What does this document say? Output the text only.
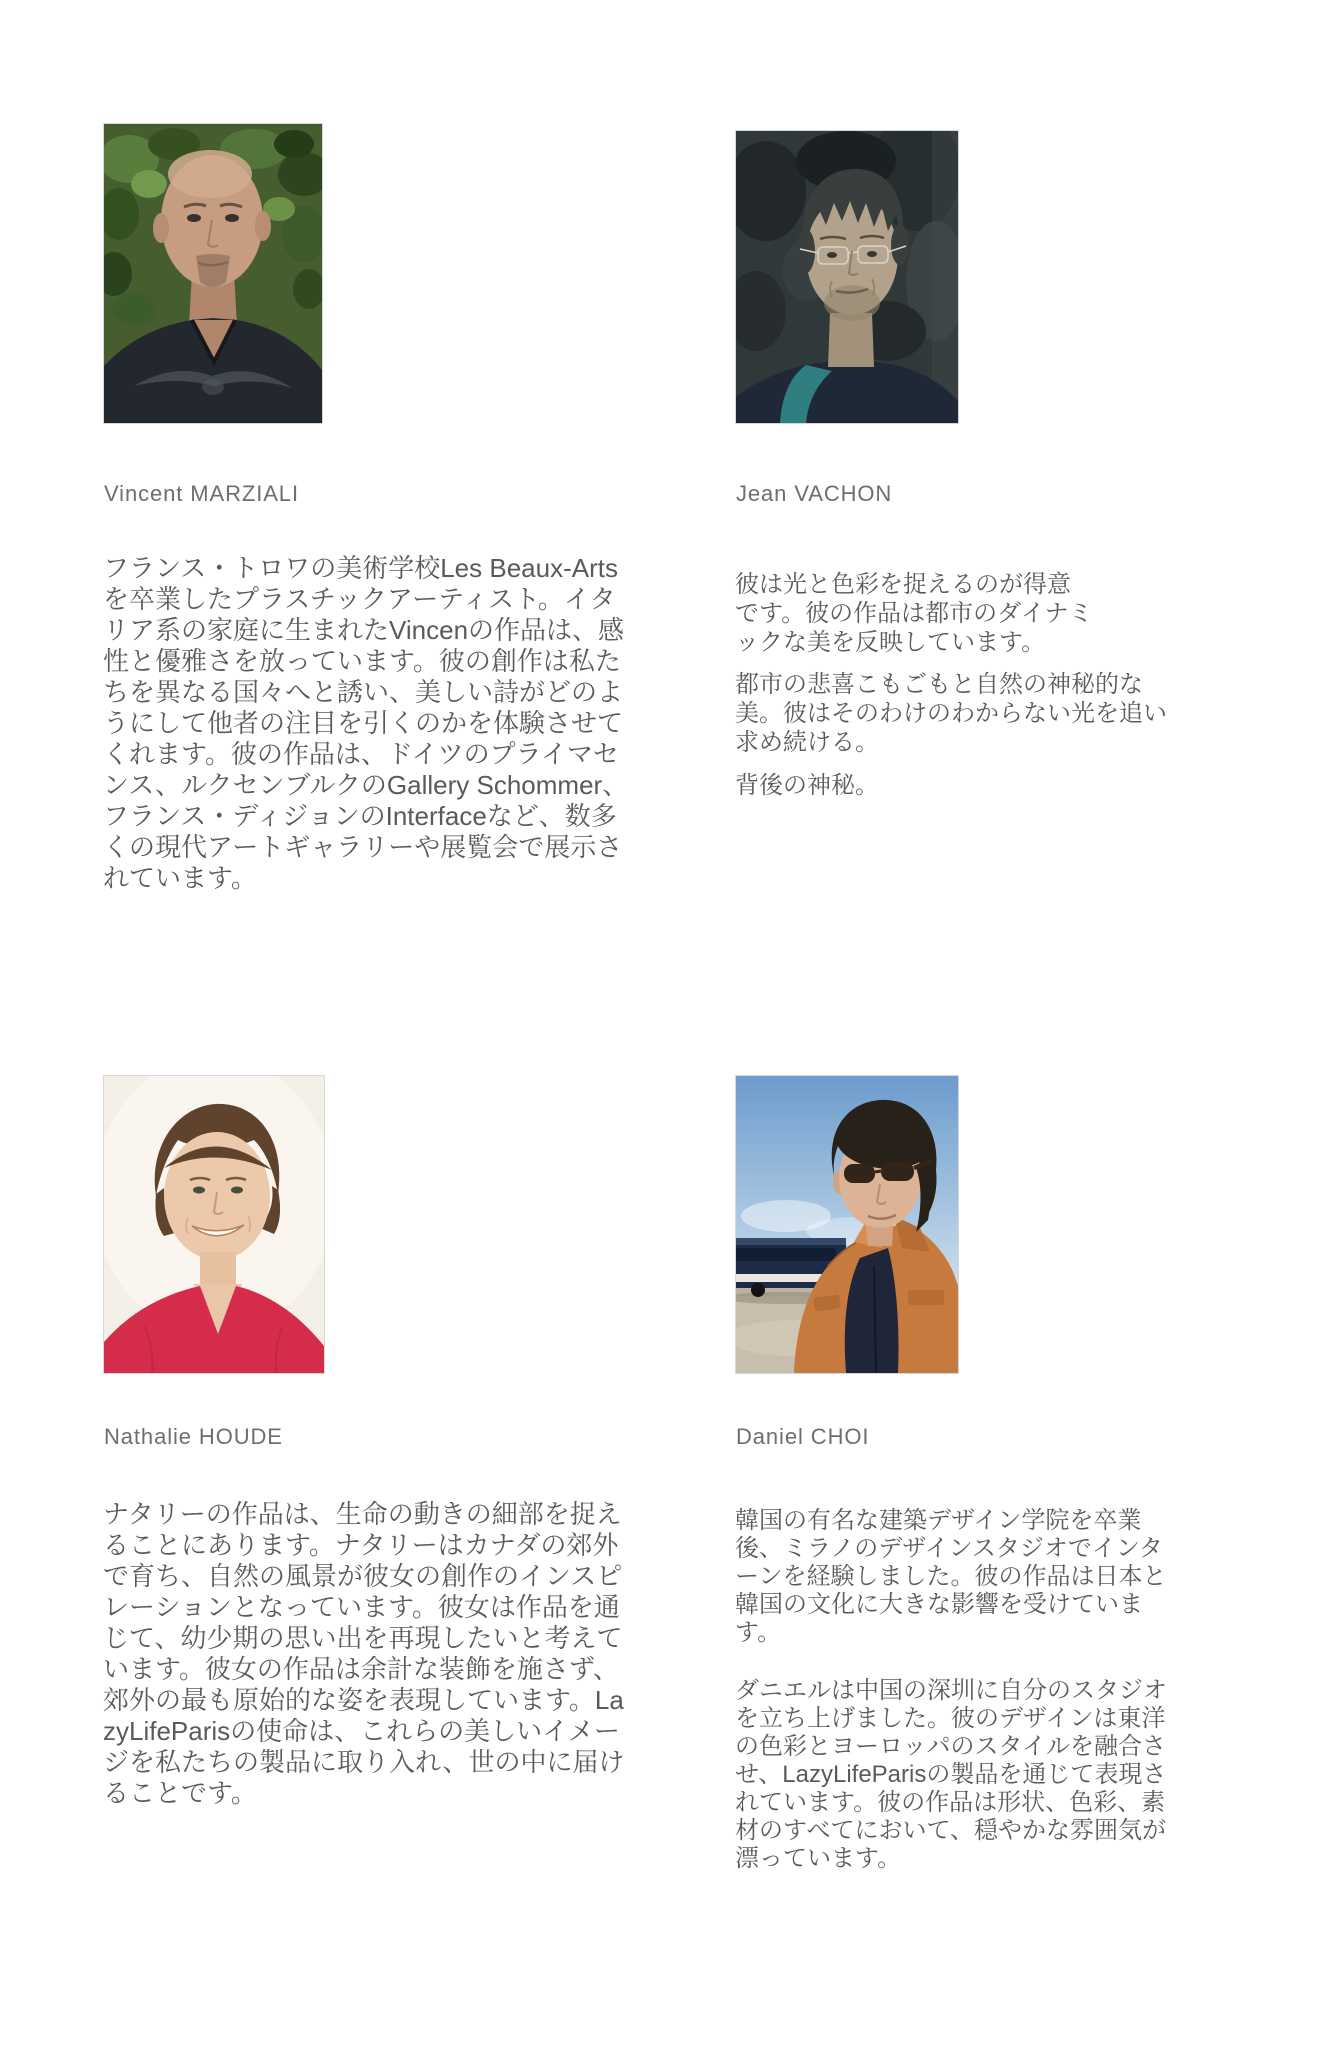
Vincent MARZIALI

フランス・トロワの美術学校Les Beaux-Artsを卒業したプラスチックアーティスト。イタリア系の家庭に生まれたVincenの作品は、感性と優雅さを放っています。彼の創作は私たちを異なる国々へと誘い、美しい詩がどのようにして他者の注目を引くのかを体験させてくれます。彼の作品は、ドイツのプライマセンス、ルクセンブルクのGallery Schommer、フランス・ディジョンのInterfaceなど、数多くの現代アートギャラリーや展覧会で展示されています。

Jean VACHON

彼は光と色彩を捉えるのが得意です。彼の作品は都市のダイナミックな美を反映しています。

都市の悲喜こもごもと自然の神秘的な美。彼はそのわけのわからない光を追い求め続ける。

背後の神秘。

Nathalie HOUDE

ナタリーの作品は、生命の動きの細部を捉えることにあります。ナタリーはカナダの郊外で育ち、自然の風景が彼女の創作のインスピレーションとなっています。彼女は作品を通じて、幼少期の思い出を再現したいと考えています。彼女の作品は余計な装飾を施さず、郊外の最も原始的な姿を表現しています。LazyLifeParisの使命は、これらの美しいイメージを私たちの製品に取り入れ、世の中に届けることです。

Daniel CHOI

韓国の有名な建築デザイン学院を卒業後、ミラノのデザインスタジオでインターンを経験しました。彼の作品は日本と韓国の文化に大きな影響を受けています。

ダニエルは中国の深圳に自分のスタジオを立ち上げました。彼のデザインは東洋の色彩とヨーロッパのスタイルを融合させ、LazyLifeParisの製品を通じて表現されています。彼の作品は形状、色彩、素材のすべてにおいて、穏やかな雰囲気が漂っています。
